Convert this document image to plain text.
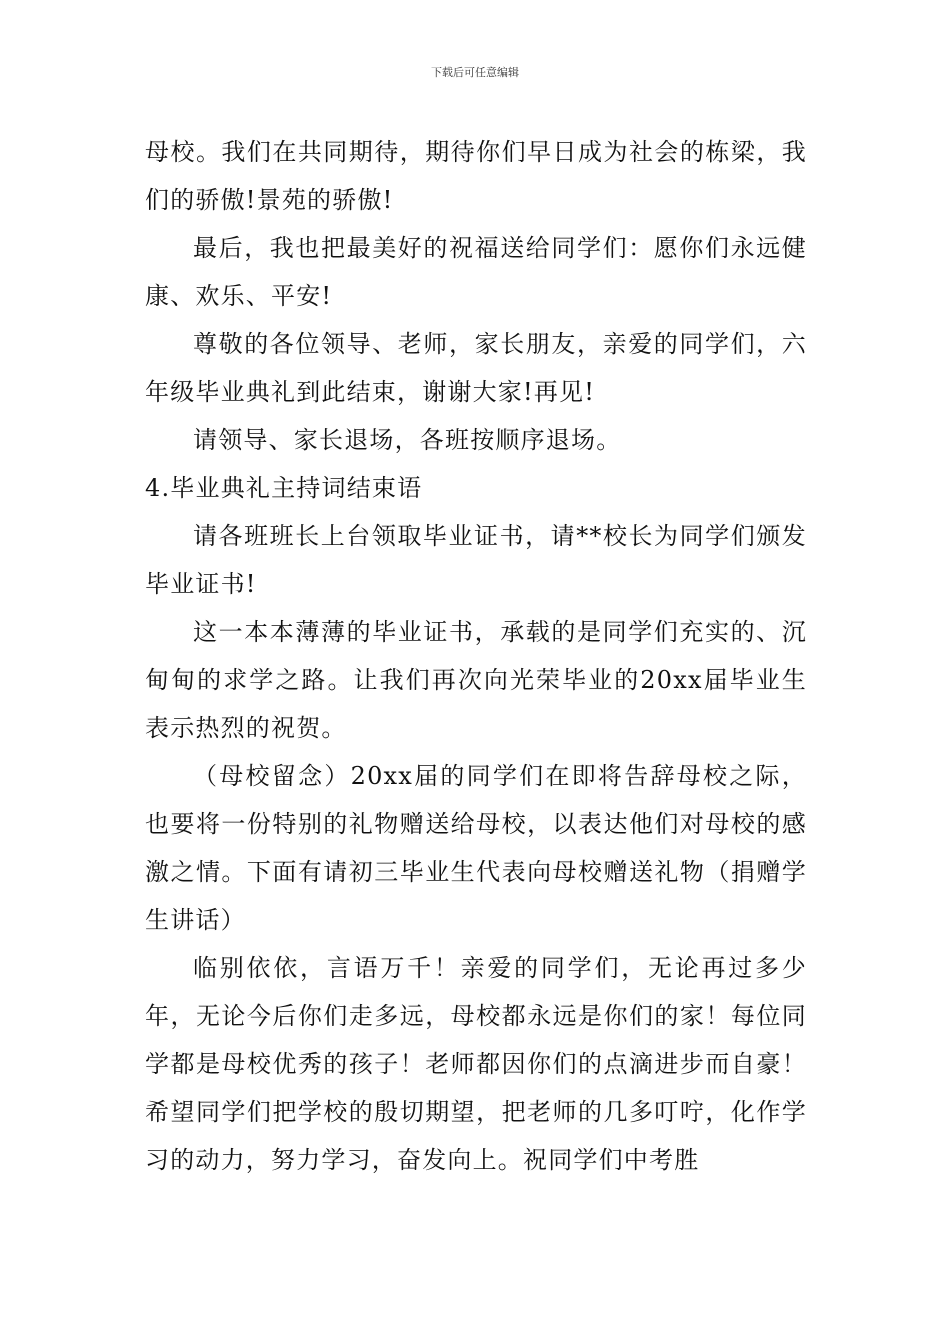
下载后可任意编辑

母校。我们在共同期待，期待你们早日成为社会的栋梁，我们的骄傲!景苑的骄傲!

最后，我也把最美好的祝福送给同学们：愿你们永远健康、欢乐、平安!

尊敬的各位领导、老师，家长朋友，亲爱的同学们，六年级毕业典礼到此结束，谢谢大家!再见!

请领导、家长退场，各班按顺序退场。

4.毕业典礼主持词结束语

请各班班长上台领取毕业证书，请**校长为同学们颁发毕业证书!

这一本本薄薄的毕业证书，承载的是同学们充实的、沉甸甸的求学之路。让我们再次向光荣毕业的20xx届毕业生表示热烈的祝贺。

（母校留念）20xx届的同学们在即将告辞母校之际，也要将一份特别的礼物赠送给母校，以表达他们对母校的感激之情。下面有请初三毕业生代表向母校赠送礼物（捐赠学生讲话）

临别依依，言语万千！亲爱的同学们，无论再过多少年，无论今后你们走多远，母校都永远是你们的家！每位同学都是母校优秀的孩子！老师都因你们的点滴进步而自豪！希望同学们把学校的殷切期望，把老师的几多叮咛，化作学习的动力，努力学习，奋发向上。祝同学们中考胜
